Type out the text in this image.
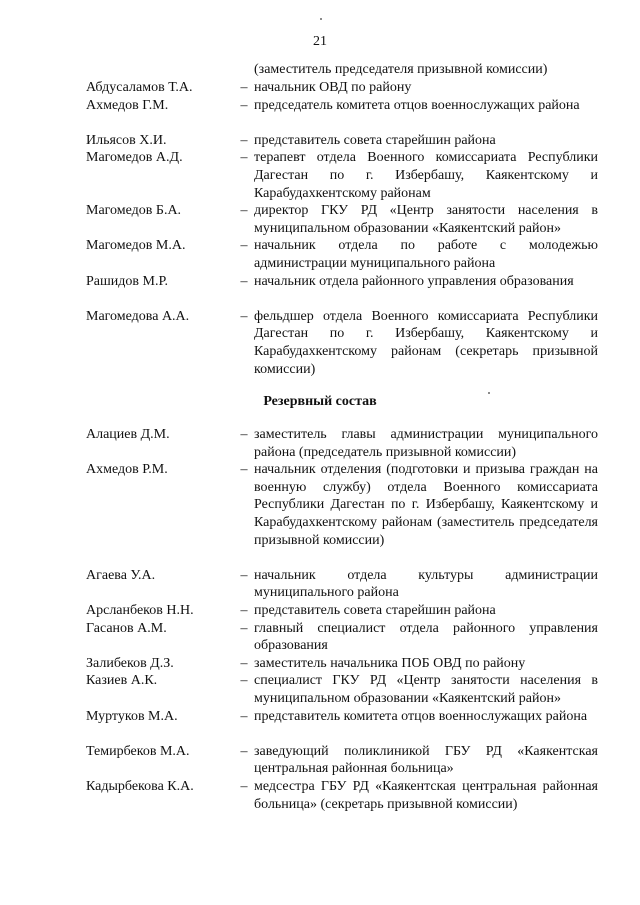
21
(заместитель председателя призывной комиссии)
Абдусаламов Т.А.	– начальник ОВД по району
Ахмедов Г.М.	– председатель комитета отцов военнослужащих района
Ильясов Х.И.	– представитель совета старейшин района
Магомедов А.Д.	– терапевт отдела Военного комиссариата Республики Дагестан по г. Избербашу, Каякентскому и Карабудахкентскому районам
Магомедов Б.А.	– директор ГКУ РД «Центр занятости населения в муниципальном образовании «Каякентский район»
Магомедов М.А.	– начальник отдела по работе с молодежью администрации муниципального района
Рашидов М.Р.	– начальник отдела районного управления образования
Магомедова А.А.	– фельдшер отдела Военного комиссариата Республики Дагестан по г. Избербашу, Каякентскому и Карабудахкентскому районам (секретарь призывной комиссии)
Резервный состав
Алациев Д.М.	– заместитель главы администрации муниципального района (председатель призывной комиссии)
Ахмедов Р.М.	– начальник отделения (подготовки и призыва граждан на военную службу) отдела Военного комиссариата Республики Дагестан по г. Избербашу, Каякентскому и Карабудахкентскому районам (заместитель председателя призывной комиссии)
Агаева У.А.	– начальник отдела культуры администрации муниципального района
Арсланбеков Н.Н.	– представитель совета старейшин района
Гасанов А.М.	– главный специалист отдела районного управления образования
Залибеков Д.З.	– заместитель начальника ПОБ ОВД по району
Казиев А.К.	– специалист ГКУ РД «Центр занятости населения в муниципальном образовании «Каякентский район»
Муртуков М.А.	– представитель комитета отцов военнослужащих района
Темирбеков М.А.	– заведующий поликлиникой ГБУ РД «Каякентская центральная районная больница»
Кадырбекова К.А.	– медсестра ГБУ РД «Каякентская центральная районная больница» (секретарь призывной комиссии)
